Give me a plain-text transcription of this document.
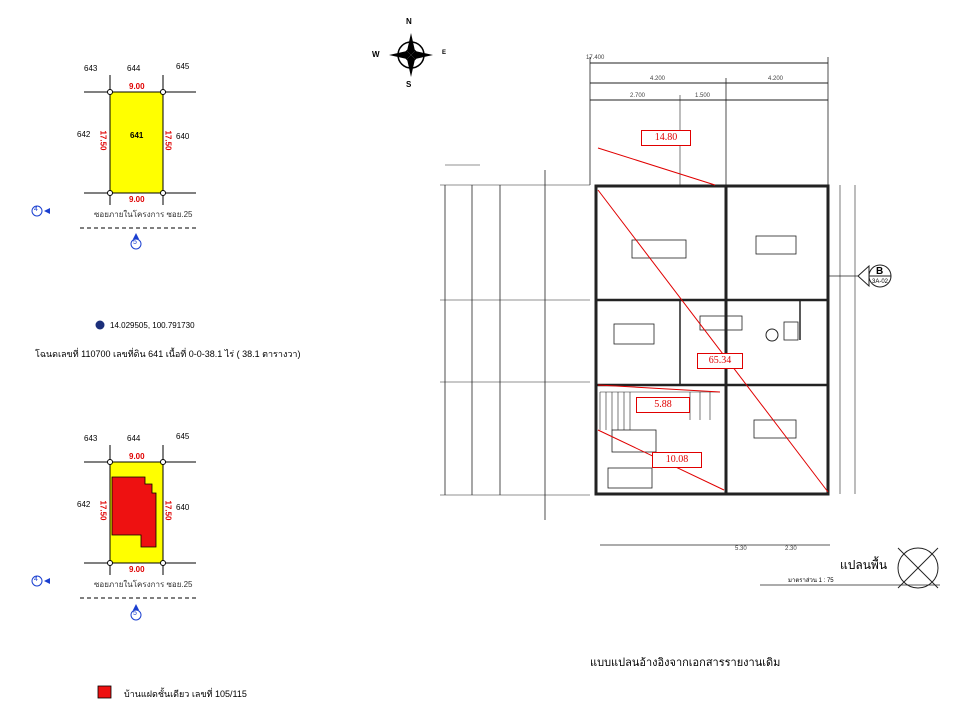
N
S
W	E
643	644	645
642	640
641
9.00
9.00
17.50	17.50
ซอยภายในโครงการ ซอย.25
4
5
14.029505, 100.791730
โฉนดเลขที่ 110700 เลขที่ดิน 641 เนื้อที่ 0-0-38.1 ไร่ ( 38.1 ตารางวา)
643	644	645
642	640
9.00
9.00
17.50	17.50
ซอยภายในโครงการ ซอย.25
4
5
บ้านแฝดชั้นเดียว เลขที่ 105/115
17.400
4.200	4.200
2.700	1.500
14.80
65.34
5.88
10.08
B
3A-02
5.30	2.30
แปลนพื้น
มาตราส่วน 1 : 75
แบบแปลนอ้างอิงจากเอกสารรายงานเดิม
